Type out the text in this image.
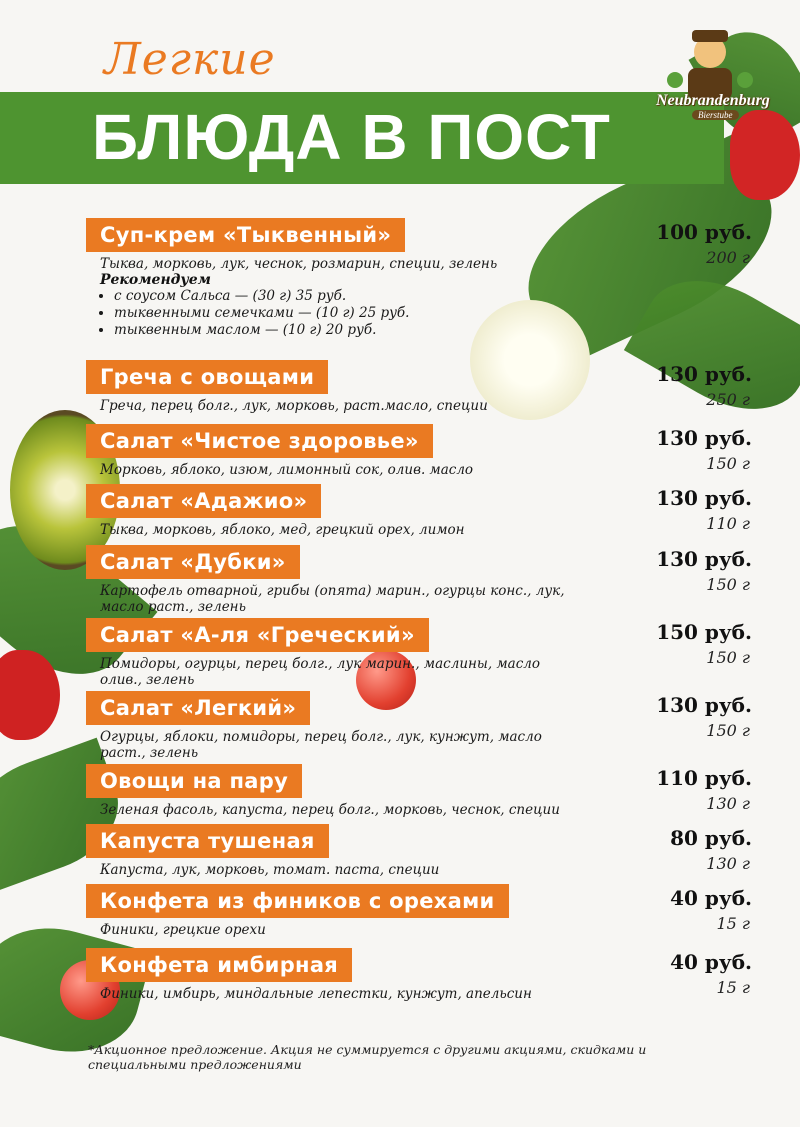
Легкие
БЛЮДА В ПОСТ
Neubrandenburg
Bierstube
Суп-крем «Тыквенный»	100 руб.
200 г
Тыква, морковь, лук, чеснок, розмарин, специи, зелень
Рекомендуем
• с соусом Сальса — (30 г) 35 руб.
• тыквенными семечками — (10 г) 25 руб.
• тыквенным маслом — (10 г) 20 руб.
Греча с овощами	130 руб.
250 г
Греча, перец болг., лук, морковь, раст.масло, специи
Салат «Чистое здоровье»	130 руб.
150 г
Морковь, яблоко, изюм, лимонный сок, олив. масло
Салат «Адажио»	130 руб.
110 г
Тыква, морковь, яблоко, мед, грецкий орех, лимон
Салат «Дубки»	130 руб.
150 г
Картофель отварной, грибы (опята) марин., огурцы конс., лук, масло раст., зелень
Салат «А-ля «Греческий»	150 руб.
150 г
Помидоры, огурцы, перец болг., лук марин., маслины, масло олив., зелень
Салат «Легкий»	130 руб.
150 г
Огурцы, яблоки, помидоры, перец болг., лук, кунжут, масло раст., зелень
Овощи на пару	110 руб.
130 г
Зеленая фасоль, капуста, перец болг., морковь, чеснок, специи
Капуста тушеная	80 руб.
130 г
Капуста, лук, морковь, томат. паста, специи
Конфета из фиников с орехами	40 руб.
15 г
Финики, грецкие орехи
Конфета имбирная	40 руб.
15 г
Финики, имбирь, миндальные лепестки, кунжут, апельсин
*Акционное предложение. Акция не суммируется с другими акциями, скидками и специальными предложениями
